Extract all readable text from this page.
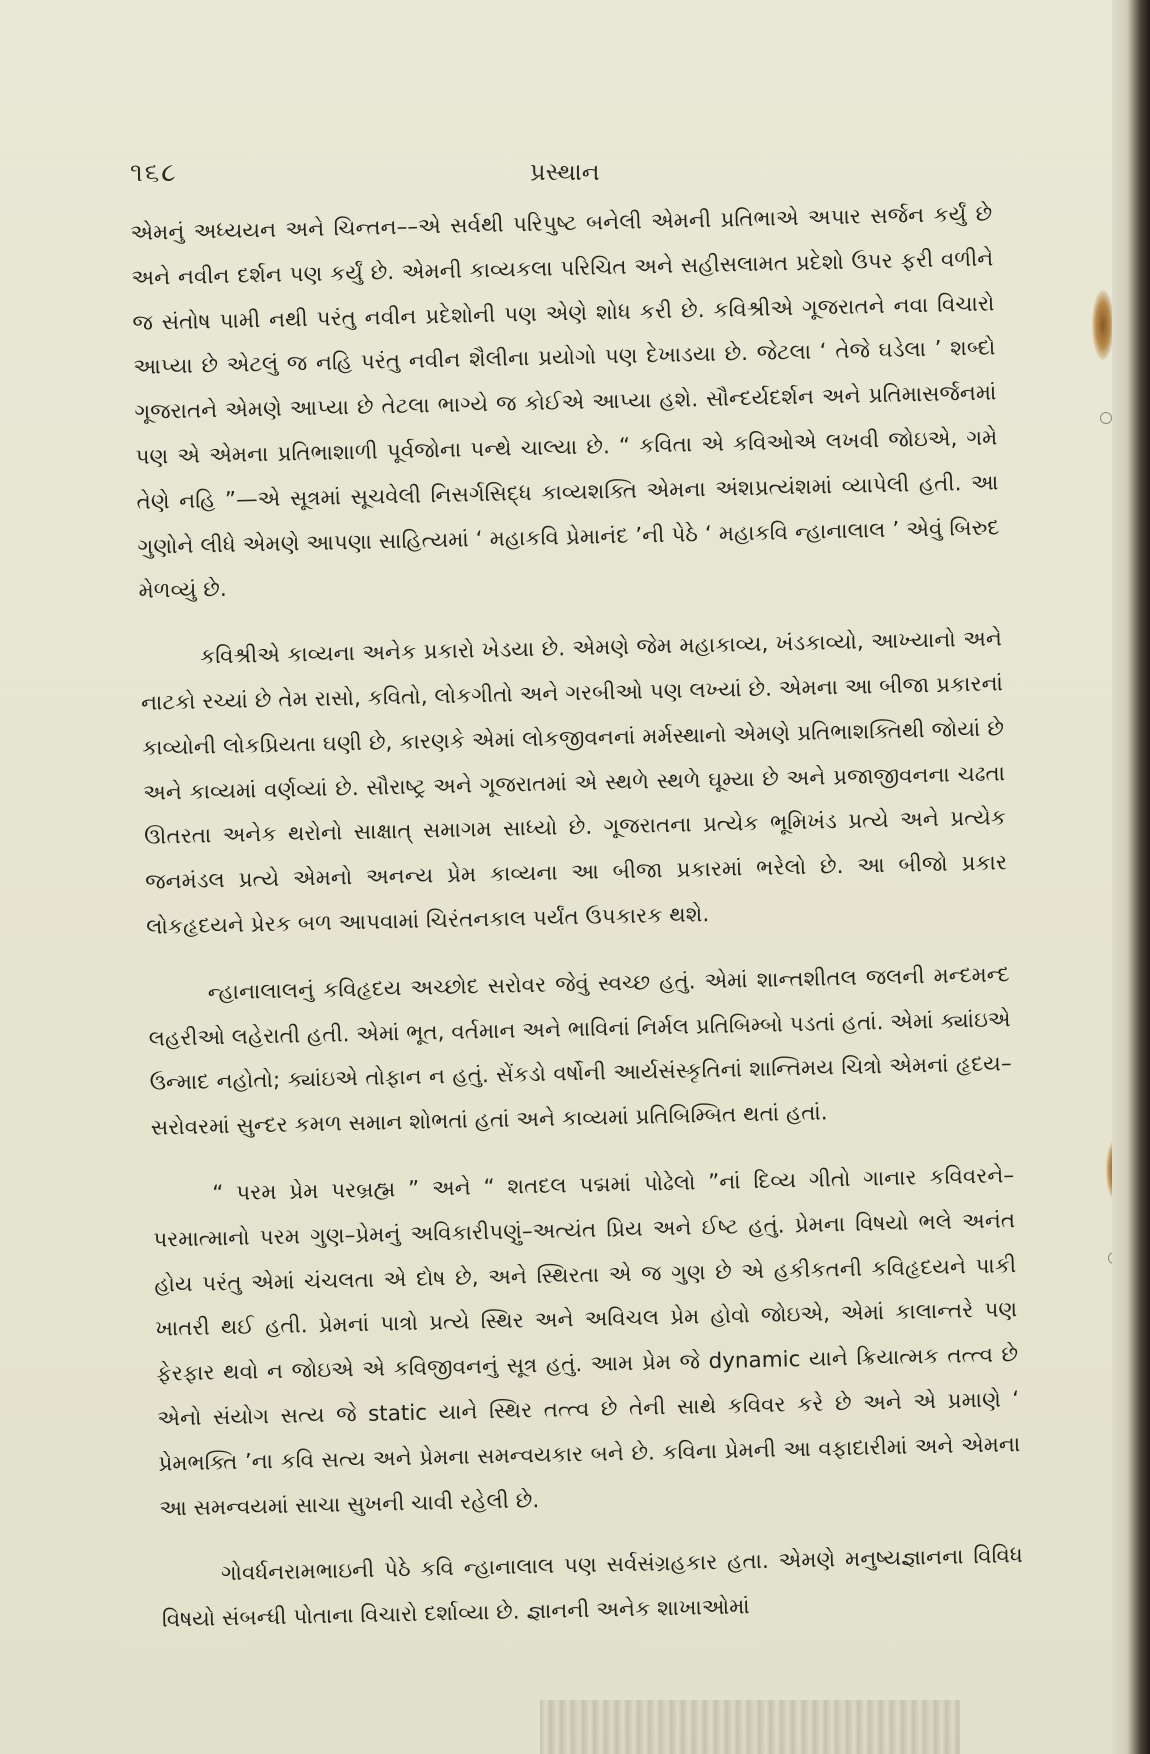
૧૬૮	પ્રસ્થાન

એમનું અધ્યયન અને ચિન્તન––એ સર્વથી પરિપુષ્ટ બનેલી એમની પ્રતિભાએ અપાર સર્જન કર્યું છે અને નવીન દર્શન પણ કર્યું છે. એમની કાવ્યકલા પરિચિત અને સહીસલામત પ્રદેશો ઉપર ફરી વળીને જ સંતોષ પામી નથી પરંતુ નવીન પ્રદેશોની પણ એણે શોધ કરી છે. કવિશ્રીએ ગૂજરાતને નવા વિચારો આપ્યા છે એટલું જ નહિ પરંતુ નવીન શૈલીના પ્રયોગો પણ દેખાડયા છે. જેટલા ‘ તેજે ઘડેલા ’ શબ્દો ગૂજરાતને એમણે આપ્યા છે તેટલા ભાગ્યે જ કોઈએ આપ્યા હશે. સૌન્દર્યદર્શન અને પ્રતિમાસર્જનમાં પણ એ એમના પ્રતિભાશાળી પૂર્વજોના પન્થે ચાલ્યા છે. “ કવિતા એ કવિઓએ લખવી જોઇએ, ગમે તેણે નહિ ”—એ સૂત્રમાં સૂચવેલી નિસર્ગસિદ્ધ કાવ્યશક્તિ એમના અંશપ્રત્યંશમાં વ્યાપેલી હતી. આ ગુણોને લીધે એમણે આપણા સાહિત્યમાં ‘ મહાકવિ પ્રેમાનંદ ’ની પેઠે ‘ મહાકવિ ન્હાનાલાલ ’ એવું બિરુદ મેળવ્યું છે.

કવિશ્રીએ કાવ્યના અનેક પ્રકારો ખેડયા છે. એમણે જેમ મહાકાવ્ય, ખંડકાવ્યો, આખ્યાનો અને નાટકો રચ્યાં છે તેમ રાસો, કવિતો, લોકગીતો અને ગરબીઓ પણ લખ્યાં છે. એમના આ બીજા પ્રકારનાં કાવ્યોની લોકપ્રિયતા ઘણી છે, કારણકે એમાં લોકજીવનનાં મર્મસ્થાનો એમણે પ્રતિભાશક્તિથી જોયાં છે અને કાવ્યમાં વર્ણવ્યાં છે. સૌરાષ્ટ્ર અને ગૂજરાતમાં એ સ્થળે સ્થળે ઘૂમ્યા છે અને પ્રજાજીવનના ચઢતા ઊતરતા અનેક થરોનો સાક્ષાત્ સમાગમ સાધ્યો છે. ગૂજરાતના પ્રત્યેક ભૂમિખંડ પ્રત્યે અને પ્રત્યેક જનમંડલ પ્રત્યે એમનો અનન્ય પ્રેમ કાવ્યના આ બીજા પ્રકારમાં ભરેલો છે. આ બીજો પ્રકાર લોકહૃદયને પ્રેરક બળ આપવામાં ચિરંતનકાલ પર્યંત ઉપકારક થશે.

ન્હાનાલાલનું કવિહૃદય અચ્છોદ સરોવર જેવું સ્વચ્છ હતું. એમાં શાન્તશીતલ જલની મન્દમન્દ લહરીઓ લહેરાતી હતી. એમાં ભૂત, વર્તમાન અને ભાવિનાં નિર્મલ પ્રતિબિમ્બો પડતાં હતાં. એમાં ક્યાંઇએ ઉન્માદ નહોતો; ક્યાંઇએ તોફાન ન હતું. સેંકડો વર્ષોની આર્યસંસ્કૃતિનાં શાન્તિમય ચિત્રો એમનાં હૃદય–સરોવરમાં સુન્દર કમળ સમાન શોભતાં હતાં અને કાવ્યમાં પ્રતિબિમ્બિત થતાં હતાં.

“ પરમ પ્રેમ પરબ્રહ્મ ” અને “ શતદલ પદ્મમાં પોઢેલો ”નાં દિવ્ય ગીતો ગાનાર કવિવરને–પરમાત્માનો પરમ ગુણ–પ્રેમનું અવિકારીપણું–અત્યંત પ્રિય અને ઈષ્ટ હતું. પ્રેમના વિષયો ભલે અનંત હોય પરંતુ એમાં ચંચલતા એ દોષ છે, અને સ્થિરતા એ જ ગુણ છે એ હકીકતની કવિહૃદયને પાકી ખાતરી થઈ હતી. પ્રેમનાં પાત્રો પ્રત્યે સ્થિર અને અવિચલ પ્રેમ હોવો જોઇએ, એમાં કાલાન્તરે પણ ફેરફાર થવો ન જોઇએ એ કવિજીવનનું સૂત્ર હતું. આમ પ્રેમ જે dynamic યાને ક્રિયાત્મક તત્ત્વ છે એનો સંયોગ સત્ય જે static યાને સ્થિર તત્ત્વ છે તેની સાથે કવિવર કરે છે અને એ પ્રમાણે ‘ પ્રેમભક્તિ ’ના કવિ સત્ય અને પ્રેમના સમન્વયકાર બને છે. કવિના પ્રેમની આ વફાદારીમાં અને એમના આ સમન્વયમાં સાચા સુખની ચાવી રહેલી છે.

ગોવર્ધનરામભાઇની પેઠે કવિ ન્હાનાલાલ પણ સર્વસંગ્રહકાર હતા. એમણે મનુષ્યજ્ઞાનના વિવિધ વિષયો સંબન્ધી પોતાના વિચારો દર્શાવ્યા છે. જ્ઞાનની અનેક શાખાઓમાં
